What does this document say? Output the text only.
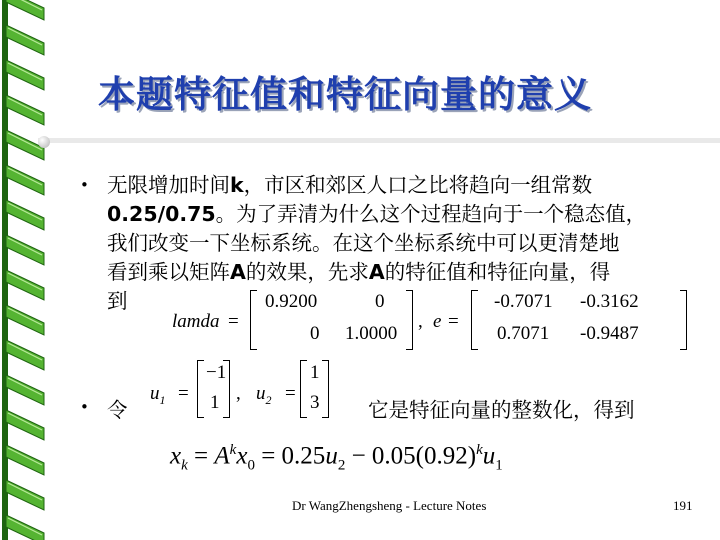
本题特征值和特征向量的意义
• 无限增加时间k，市区和郊区人口之比将趋向一组常数
0.25/0.75。为了弄清为什么这个过程趋向于一个稳态值，
我们改变一下坐标系统。在这个坐标系统中可以更清楚地
看到乘以矩阵A的效果，先求A的特征值和特征向量，得
到
lamda =
0.9200	0
0 1.0000
, e =
-0.7071 -0.3162
0.7071 -0.9487
• 令
$u_1$ =
−1
1 , $u_2$ =
1
3 它是特征向量的整数化，得到
$x_k = A^kx_0 = 0.25u_2 - 0.05(0.92)^ku_1$
Dr WangZhengsheng - Lecture Notes	191
